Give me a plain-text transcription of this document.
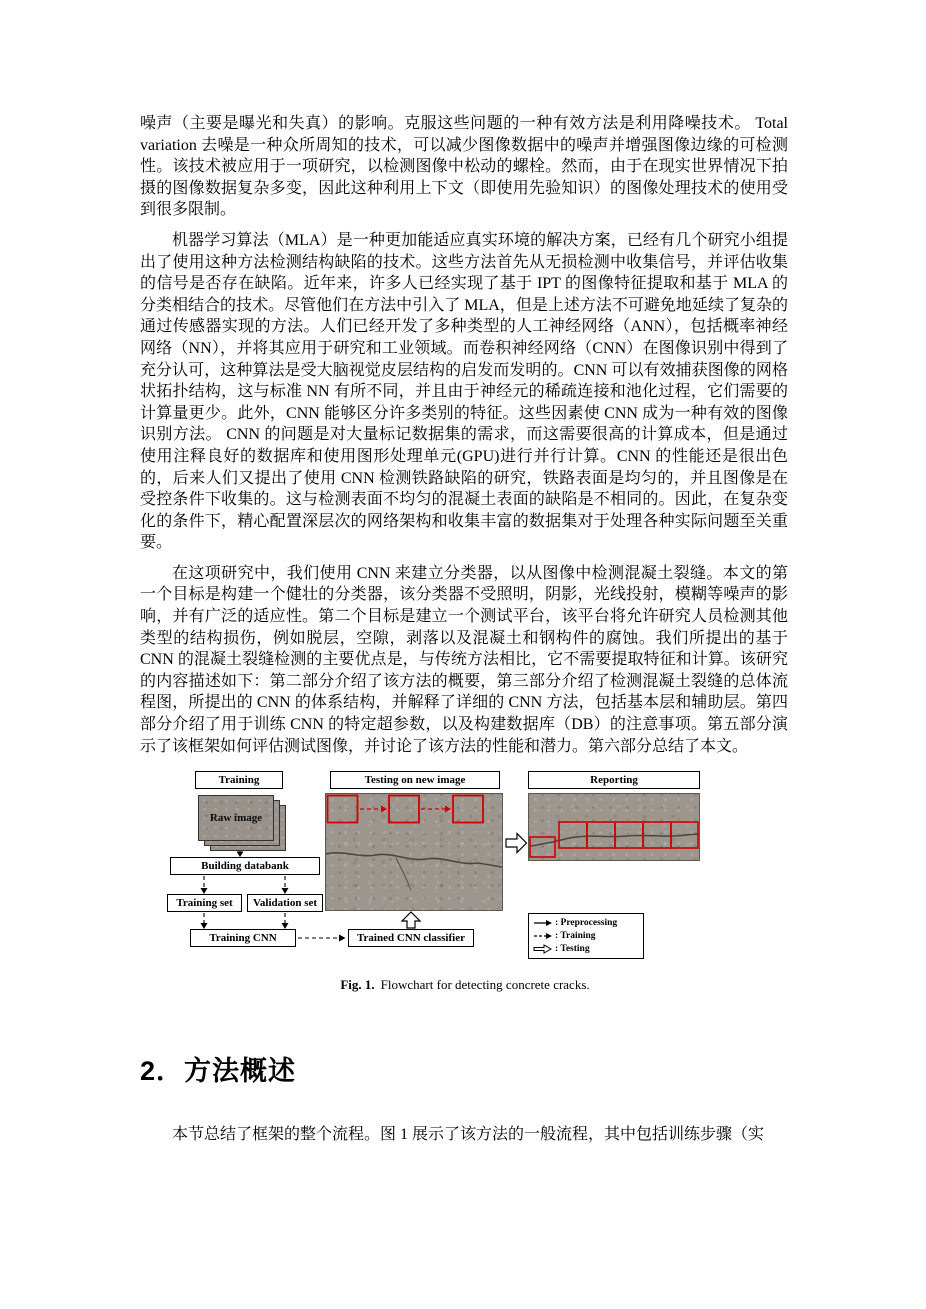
噪声（主要是曝光和失真）的影响。克服这些问题的一种有效方法是利用降噪技术。 Total variation 去噪是一种众所周知的技术，可以减少图像数据中的噪声并增强图像边缘的可检测性。该技术被应用于一项研究，以检测图像中松动的螺栓。然而，由于在现实世界情况下拍摄的图像数据复杂多变，因此这种利用上下文（即使用先验知识）的图像处理技术的使用受到很多限制。

机器学习算法（MLA）是一种更加能适应真实环境的解决方案，已经有几个研究小组提出了使用这种方法检测结构缺陷的技术。这些方法首先从无损检测中收集信号，并评估收集的信号是否存在缺陷。近年来，许多人已经实现了基于 IPT 的图像特征提取和基于 MLA 的分类相结合的技术。尽管他们在方法中引入了 MLA，但是上述方法不可避免地延续了复杂的通过传感器实现的方法。人们已经开发了多种类型的人工神经网络（ANN），包括概率神经网络（NN），并将其应用于研究和工业领域。而卷积神经网络（CNN）在图像识别中得到了充分认可，这种算法是受大脑视觉皮层结构的启发而发明的。CNN 可以有效捕获图像的网格状拓扑结构，这与标准 NN 有所不同，并且由于神经元的稀疏连接和池化过程，它们需要的计算量更少。此外，CNN 能够区分许多类别的特征。这些因素使 CNN 成为一种有效的图像识别方法。 CNN 的问题是对大量标记数据集的需求，而这需要很高的计算成本，但是通过使用注释良好的数据库和使用图形处理单元(GPU)进行并行计算。CNN 的性能还是很出色的，后来人们又提出了使用 CNN 检测铁路缺陷的研究，铁路表面是均匀的，并且图像是在受控条件下收集的。这与检测表面不均匀的混凝土表面的缺陷是不相同的。因此，在复杂变化的条件下，精心配置深层次的网络架构和收集丰富的数据集对于处理各种实际问题至关重要。

在这项研究中，我们使用 CNN 来建立分类器，以从图像中检测混凝土裂缝。本文的第一个目标是构建一个健壮的分类器，该分类器不受照明，阴影，光线投射，模糊等噪声的影响，并有广泛的适应性。第二个目标是建立一个测试平台，该平台将允许研究人员检测其他类型的结构损伤，例如脱层，空隙，剥落以及混凝土和钢构件的腐蚀。我们所提出的基于 CNN 的混凝土裂缝检测的主要优点是，与传统方法相比，它不需要提取特征和计算。该研究的内容描述如下：第二部分介绍了该方法的概要，第三部分介绍了检测混凝土裂缝的总体流程图，所提出的 CNN 的体系结构，并解释了详细的 CNN 方法，包括基本层和辅助层。第四部分介绍了用于训练 CNN 的特定超参数，以及构建数据库（DB）的注意事项。第五部分演示了该框架如何评估测试图像，并讨论了该方法的性能和潜力。第六部分总结了本文。

Training
Raw image
Building databank
Training set Validation set
Training CNN
Testing on new image
Trained CNN classifier
Reporting
: Preprocessing
: Training
: Testing
Fig. 1. Flowchart for detecting concrete cracks.
2．方法概述

本节总结了框架的整个流程。图 1 展示了该方法的一般流程，其中包括训练步骤（实
